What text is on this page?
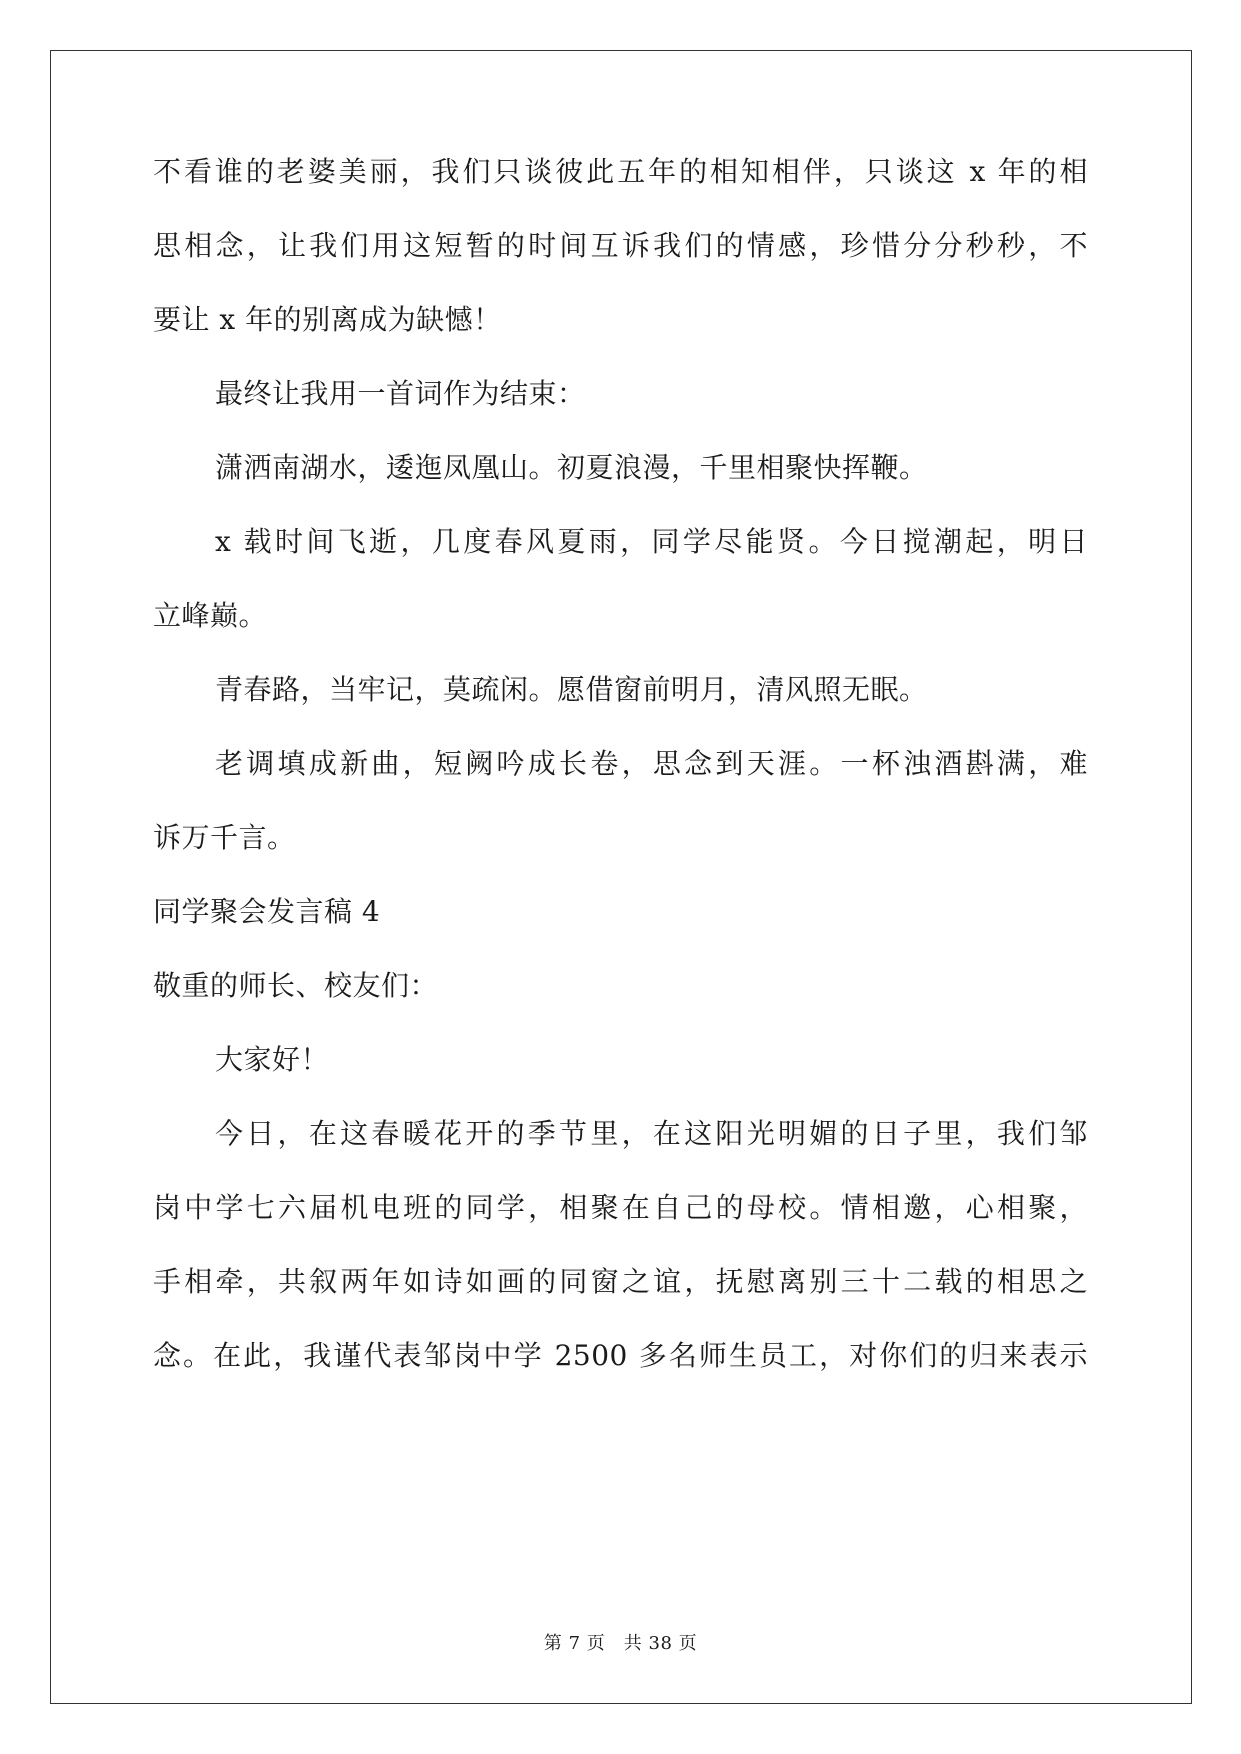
不看谁的老婆美丽，我们只谈彼此五年的相知相伴，只谈这 x 年的相
思相念，让我们用这短暂的时间互诉我们的情感，珍惜分分秒秒，不
要让 x 年的别离成为缺憾！
最终让我用一首词作为结束：
潇洒南湖水，逶迤凤凰山。初夏浪漫，千里相聚快挥鞭。
x 载时间飞逝，几度春风夏雨，同学尽能贤。今日搅潮起，明日
立峰巅。
青春路，当牢记，莫疏闲。愿借窗前明月，清风照无眠。
老调填成新曲，短阙吟成长卷，思念到天涯。一杯浊酒斟满，难
诉万千言。
同学聚会发言稿 4
敬重的师长、校友们：
大家好！
今日，在这春暖花开的季节里，在这阳光明媚的日子里，我们邹
岗中学七六届机电班的同学，相聚在自己的母校。情相邀，心相聚，
手相牵，共叙两年如诗如画的同窗之谊，抚慰离别三十二载的相思之
念。在此，我谨代表邹岗中学 2500 多名师生员工，对你们的归来表示
第 7 页　共 38 页
